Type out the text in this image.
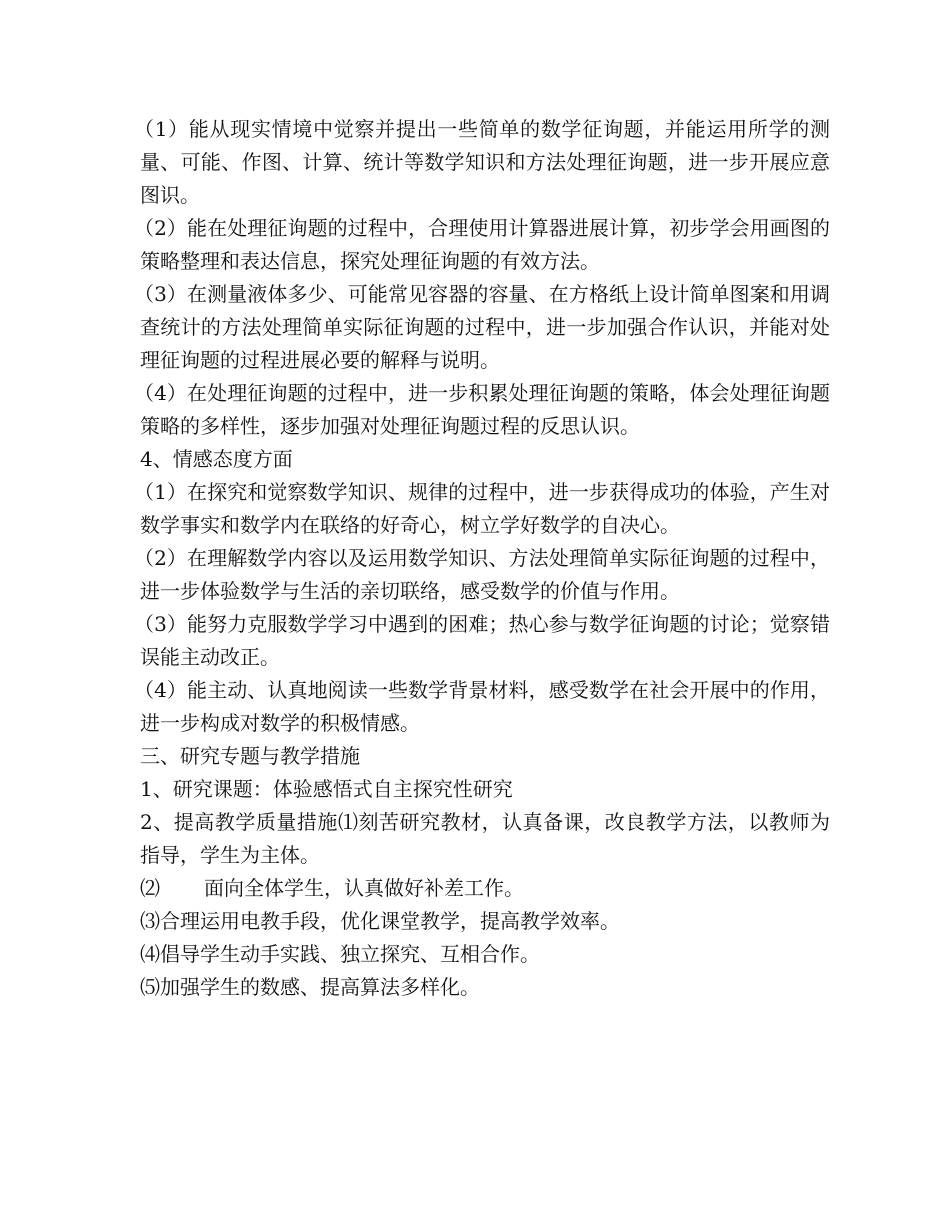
（1）能从现实情境中觉察并提出一些简单的数学征询题，并能运用所学的测量、可能、作图、计算、统计等数学知识和方法处理征询题，进一步开展应意图识。

（2）能在处理征询题的过程中，合理使用计算器进展计算，初步学会用画图的策略整理和表达信息，探究处理征询题的有效方法。

（3）在测量液体多少、可能常见容器的容量、在方格纸上设计简单图案和用调查统计的方法处理简单实际征询题的过程中，进一步加强合作认识，并能对处理征询题的过程进展必要的解释与说明。

（4）在处理征询题的过程中，进一步积累处理征询题的策略，体会处理征询题策略的多样性，逐步加强对处理征询题过程的反思认识。

4、情感态度方面

（1）在探究和觉察数学知识、规律的过程中，进一步获得成功的体验，产生对数学事实和数学内在联络的好奇心，树立学好数学的自决心。

（2）在理解数学内容以及运用数学知识、方法处理简单实际征询题的过程中，进一步体验数学与生活的亲切联络，感受数学的价值与作用。

（3）能努力克服数学学习中遇到的困难；热心参与数学征询题的讨论；觉察错误能主动改正。

（4）能主动、认真地阅读一些数学背景材料，感受数学在社会开展中的作用，进一步构成对数学的积极情感。

三、研究专题与教学措施

1、研究课题：体验感悟式自主探究性研究

2、提高教学质量措施⑴刻苦研究教材，认真备课，改良教学方法，以教师为指导，学生为主体。

⑵	面向全体学生，认真做好补差工作。

⑶合理运用电教手段，优化课堂教学，提高教学效率。

⑷倡导学生动手实践、独立探究、互相合作。

⑸加强学生的数感、提高算法多样化。
